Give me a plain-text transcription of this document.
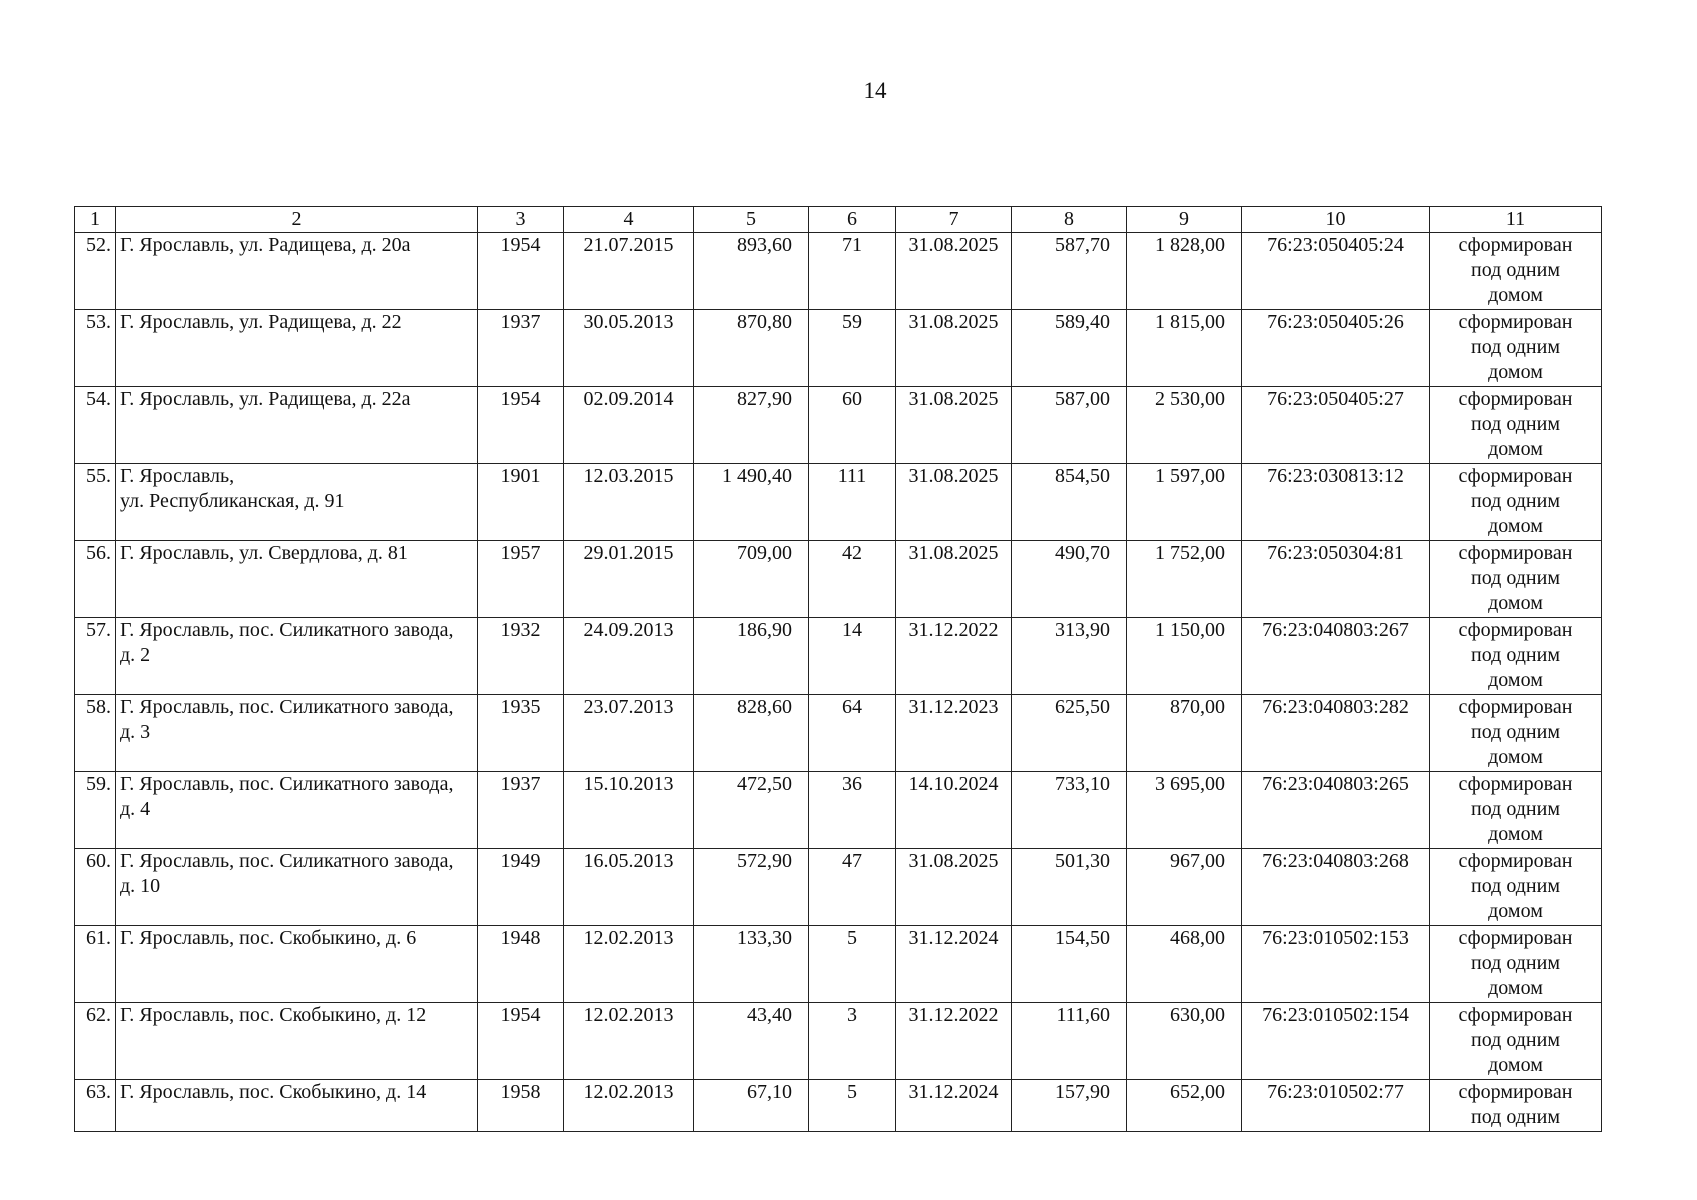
14
1	2	3	4	5	6	7	8	9	10	11
52.	Г. Ярославль, ул. Радищева, д. 20а	1954	21.07.2015	893,60	71	31.08.2025	587,70	1 828,00	76:23:050405:24	сформирован
под одним
домом
53.	Г. Ярославль, ул. Радищева, д. 22	1937	30.05.2013	870,80	59	31.08.2025	589,40	1 815,00	76:23:050405:26	сформирован
под одним
домом
54.	Г. Ярославль, ул. Радищева, д. 22а	1954	02.09.2014	827,90	60	31.08.2025	587,00	2 530,00	76:23:050405:27	сформирован
под одним
домом
55.	Г. Ярославль,
ул. Республиканская, д. 91	1901	12.03.2015	1 490,40	111	31.08.2025	854,50	1 597,00	76:23:030813:12	сформирован
под одним
домом
56.	Г. Ярославль, ул. Свердлова, д. 81	1957	29.01.2015	709,00	42	31.08.2025	490,70	1 752,00	76:23:050304:81	сформирован
под одним
домом
57.	Г. Ярославль, пос. Силикатного завода, д. 2	1932	24.09.2013	186,90	14	31.12.2022	313,90	1 150,00	76:23:040803:267	сформирован
под одним
домом
58.	Г. Ярославль, пос. Силикатного завода, д. 3	1935	23.07.2013	828,60	64	31.12.2023	625,50	870,00	76:23:040803:282	сформирован
под одним
домом
59.	Г. Ярославль, пос. Силикатного завода, д. 4	1937	15.10.2013	472,50	36	14.10.2024	733,10	3 695,00	76:23:040803:265	сформирован
под одним
домом
60.	Г. Ярославль, пос. Силикатного завода, д. 10	1949	16.05.2013	572,90	47	31.08.2025	501,30	967,00	76:23:040803:268	сформирован
под одним
домом
61.	Г. Ярославль, пос. Скобыкино, д. 6	1948	12.02.2013	133,30	5	31.12.2024	154,50	468,00	76:23:010502:153	сформирован
под одним
домом
62.	Г. Ярославль, пос. Скобыкино, д. 12	1954	12.02.2013	43,40	3	31.12.2022	111,60	630,00	76:23:010502:154	сформирован
под одним
домом
63.	Г. Ярославль, пос. Скобыкино, д. 14	1958	12.02.2013	67,10	5	31.12.2024	157,90	652,00	76:23:010502:77	сформирован
под одним
